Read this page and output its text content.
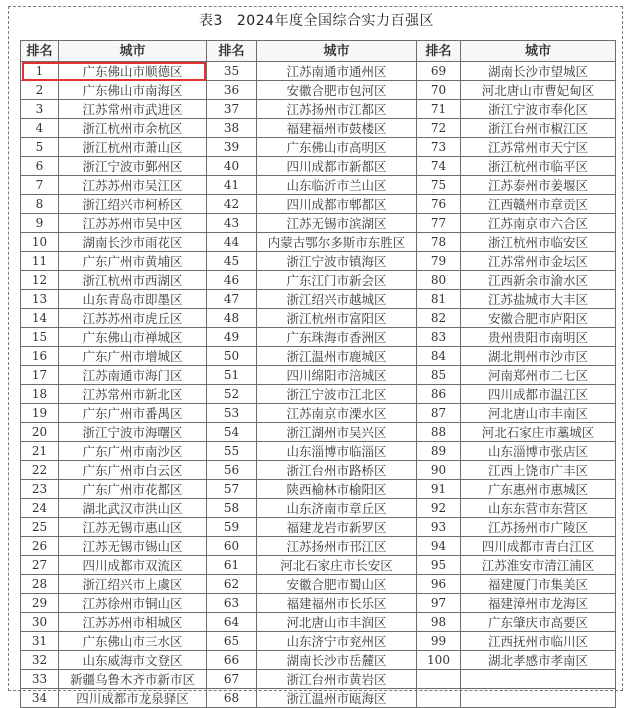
表3 2024年度全国综合实力百强区
排名	城市	排名	城市	排名	城市
1	广东佛山市顺德区	35	江苏南通市通州区	69	湖南长沙市望城区
2	广东佛山市南海区	36	安徽合肥市包河区	70	河北唐山市曹妃甸区
3	江苏常州市武进区	37	江苏扬州市江都区	71	浙江宁波市奉化区
4	浙江杭州市余杭区	38	福建福州市鼓楼区	72	浙江台州市椒江区
5	浙江杭州市萧山区	39	广东佛山市高明区	73	江苏常州市天宁区
6	浙江宁波市鄞州区	40	四川成都市新都区	74	浙江杭州市临平区
7	江苏苏州市吴江区	41	山东临沂市兰山区	75	江苏泰州市姜堰区
8	浙江绍兴市柯桥区	42	四川成都市郫都区	76	江西赣州市章贡区
9	江苏苏州市吴中区	43	江苏无锡市滨湖区	77	江苏南京市六合区
10	湖南长沙市雨花区	44	内蒙古鄂尔多斯市东胜区	78	浙江杭州市临安区
11	广东广州市黄埔区	45	浙江宁波市镇海区	79	江苏常州市金坛区
12	浙江杭州市西湖区	46	广东江门市新会区	80	江西新余市渝水区
13	山东青岛市即墨区	47	浙江绍兴市越城区	81	江苏盐城市大丰区
14	江苏苏州市虎丘区	48	浙江杭州市富阳区	82	安徽合肥市庐阳区
15	广东佛山市禅城区	49	广东珠海市香洲区	83	贵州贵阳市南明区
16	广东广州市增城区	50	浙江温州市鹿城区	84	湖北荆州市沙市区
17	江苏南通市海门区	51	四川绵阳市涪城区	85	河南郑州市二七区
18	江苏常州市新北区	52	浙江宁波市江北区	86	四川成都市温江区
19	广东广州市番禺区	53	江苏南京市溧水区	87	河北唐山市丰南区
20	浙江宁波市海曙区	54	浙江湖州市吴兴区	88	河北石家庄市藁城区
21	广东广州市南沙区	55	山东淄博市临淄区	89	山东淄博市张店区
22	广东广州市白云区	56	浙江台州市路桥区	90	江西上饶市广丰区
23	广东广州市花都区	57	陕西榆林市榆阳区	91	广东惠州市惠城区
24	湖北武汉市洪山区	58	山东济南市章丘区	92	山东东营市东营区
25	江苏无锡市惠山区	59	福建龙岩市新罗区	93	江苏扬州市广陵区
26	江苏无锡市锡山区	60	江苏扬州市邗江区	94	四川成都市青白江区
27	四川成都市双流区	61	河北石家庄市长安区	95	江苏淮安市清江浦区
28	浙江绍兴市上虞区	62	安徽合肥市蜀山区	96	福建厦门市集美区
29	江苏徐州市铜山区	63	福建福州市长乐区	97	福建漳州市龙海区
30	江苏苏州市相城区	64	河北唐山市丰润区	98	广东肇庆市高要区
31	广东佛山市三水区	65	山东济宁市兖州区	99	江西抚州市临川区
32	山东威海市文登区	66	湖南长沙市岳麓区	100	湖北孝感市孝南区
33	新疆乌鲁木齐市新市区	67	浙江台州市黄岩区		
34	四川成都市龙泉驿区	68	浙江温州市瓯海区		
